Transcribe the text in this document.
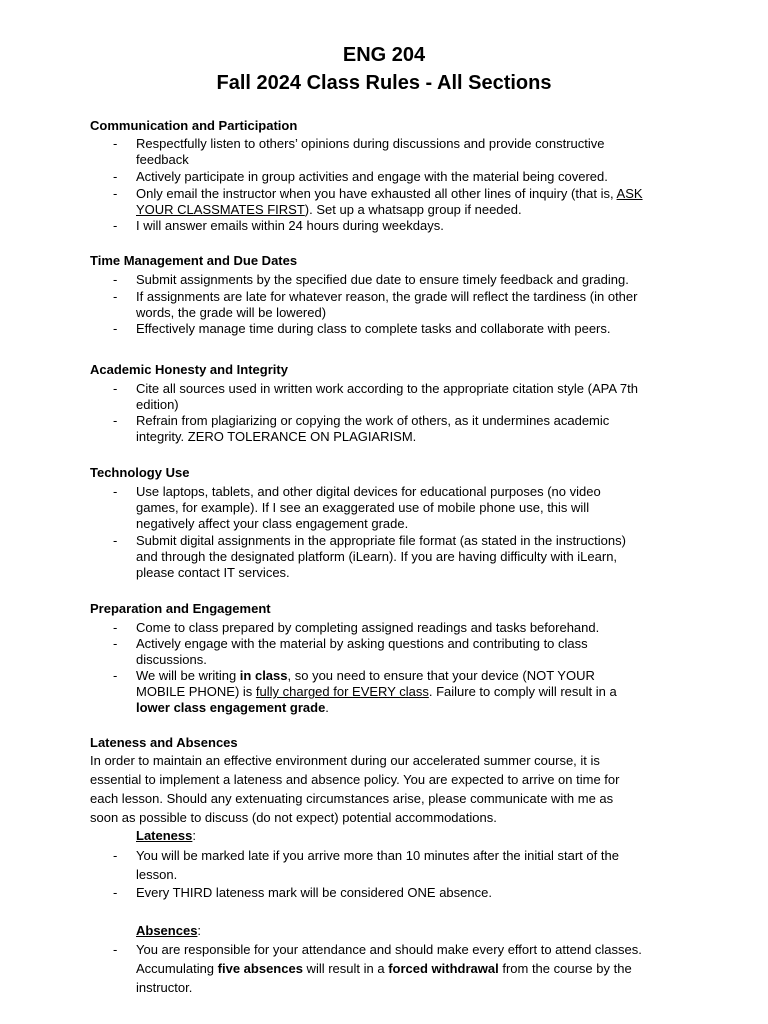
ENG 204
Fall 2024 Class Rules - All Sections
Communication and Participation
- Respectfully listen to others’ opinions during discussions and provide constructive
feedback
- Actively participate in group activities and engage with the material being covered.
- Only email the instructor when you have exhausted all other lines of inquiry (that is, ASK
YOUR CLASSMATES FIRST). Set up a whatsapp group if needed.
- I will answer emails within 24 hours during weekdays.
Time Management and Due Dates
- Submit assignments by the specified due date to ensure timely feedback and grading.
- If assignments are late for whatever reason, the grade will reflect the tardiness (in other
words, the grade will be lowered)
- Effectively manage time during class to complete tasks and collaborate with peers.
Academic Honesty and Integrity
- Cite all sources used in written work according to the appropriate citation style (APA 7th
edition)
- Refrain from plagiarizing or copying the work of others, as it undermines academic
integrity. ZERO TOLERANCE ON PLAGIARISM.
Technology Use
- Use laptops, tablets, and other digital devices for educational purposes (no video
games, for example). If I see an exaggerated use of mobile phone use, this will
negatively affect your class engagement grade.
- Submit digital assignments in the appropriate file format (as stated in the instructions)
and through the designated platform (iLearn). If you are having difficulty with iLearn,
please contact IT services.
Preparation and Engagement
- Come to class prepared by completing assigned readings and tasks beforehand.
- Actively engage with the material by asking questions and contributing to class
discussions.
- We will be writing in class, so you need to ensure that your device (NOT YOUR
MOBILE PHONE) is fully charged for EVERY class. Failure to comply will result in a
lower class engagement grade.
Lateness and Absences
In order to maintain an effective environment during our accelerated summer course, it is
essential to implement a lateness and absence policy. You are expected to arrive on time for
each lesson. Should any extenuating circumstances arise, please communicate with me as
soon as possible to discuss (do not expect) potential accommodations.
Lateness:
- You will be marked late if you arrive more than 10 minutes after the initial start of the
lesson.
- Every THIRD lateness mark will be considered ONE absence.
Absences:
- You are responsible for your attendance and should make every effort to attend classes.
Accumulating five absences will result in a forced withdrawal from the course by the
instructor.
